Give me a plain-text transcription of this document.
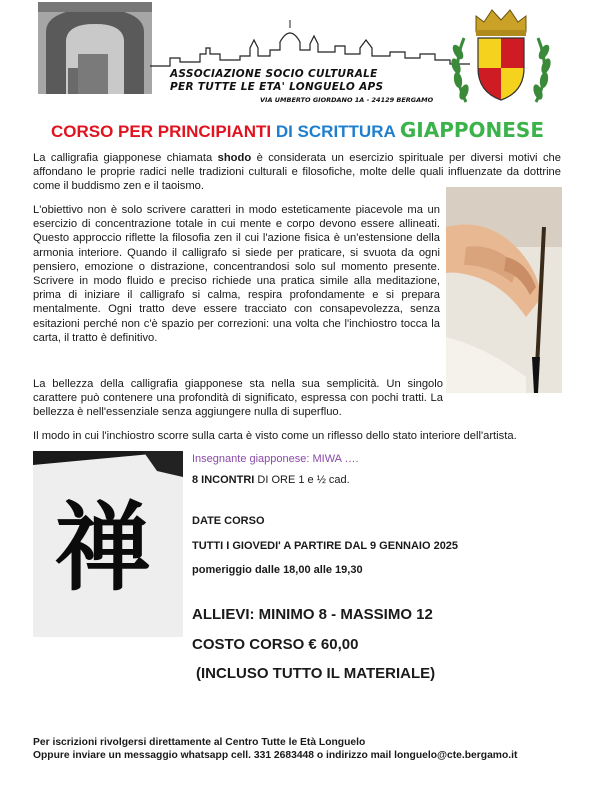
ASSOCIAZIONE SOCIO CULTURALE
PER TUTTE LE ETA' LONGUELO APS
VIA UMBERTO GIORDANO 1A - 24129 BERGAMO
CORSO PER PRINCIPIANTI DI SCRITTURA GIAPPONESE
La calligrafia giapponese chiamata shodo è considerata un esercizio spirituale per diversi motivi che affondano le proprie radici nelle tradizioni culturali e filosofiche, molte delle quali influenzate da dottrine come il buddismo zen e il taoismo.
L'obiettivo non è solo scrivere caratteri in modo esteticamente piacevole ma un esercizio di concentrazione totale in cui mente e corpo devono essere allineati. Questo approccio riflette la filosofia zen il cui l'azione fisica è un'estensione della armonia interiore. Quando il calligrafo si siede per praticare, si svuota da ogni pensiero, emozione o distrazione, concentrandosi solo sul momento presente. Scrivere in modo fluido e preciso richiede una pratica simile alla meditazione, prima di iniziare il calligrafo si calma, respira profondamente e si prepara mentalmente. Ogni tratto deve essere tracciato con consapevolezza, senza esitazioni perché non c'è spazio per correzioni: una volta che l'inchiostro tocca la carta, il tratto è definitivo.
La bellezza della calligrafia giapponese sta nella sua semplicità. Un singolo carattere può contenere una profondità di significato, espressa con pochi tratti. La bellezza è nell'essenziale senza aggiungere nulla di superfluo.
Il modo in cui l'inchiostro scorre sulla carta è visto come un riflesso dello stato interiore dell'artista.
禅
Insegnante giapponese: MIWA ….
8 INCONTRI DI ORE 1 e ½ cad.
DATE CORSO
TUTTI I GIOVEDI' A PARTIRE DAL 9 GENNAIO 2025
pomeriggio dalle 18,00 alle 19,30
ALLIEVI: MINIMO 8 - MASSIMO 12
COSTO CORSO € 60,00
(INCLUSO TUTTO IL MATERIALE)
Per iscrizioni rivolgersi direttamente al Centro Tutte le Età Longuelo
Oppure inviare un messaggio whatsapp cell. 331 2683448 o indirizzo mail longuelo@cte.bergamo.it
